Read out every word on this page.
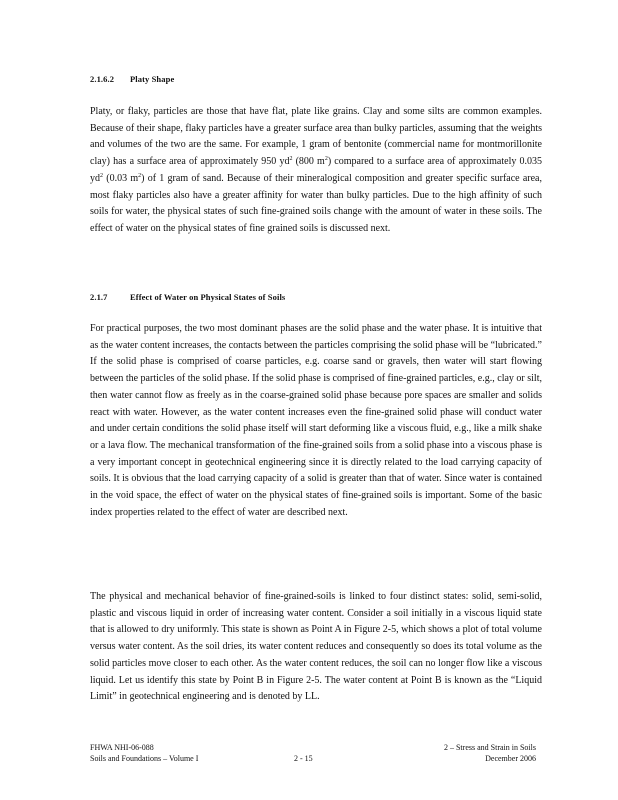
2.1.6.2 Platy Shape

Platy, or flaky, particles are those that have flat, plate like grains. Clay and some silts are common examples. Because of their shape, flaky particles have a greater surface area than bulky particles, assuming that the weights and volumes of the two are the same. For example, 1 gram of bentonite (commercial name for montmorillonite clay) has a surface area of approximately 950 $yd^2$ (800 $m^2$) compared to a surface area of approximately 0.035 $yd^2$ (0.03 $m^2$) of 1 gram of sand. Because of their mineralogical composition and greater specific surface area, most flaky particles also have a greater affinity for water than bulky particles. Due to the high affinity of such soils for water, the physical states of such fine-grained soils change with the amount of water in these soils. The effect of water on the physical states of fine grained soils is discussed next.

2.1.7	Effect of Water on Physical States of Soils

For practical purposes, the two most dominant phases are the solid phase and the water phase. It is intuitive that as the water content increases, the contacts between the particles comprising the solid phase will be “lubricated.” If the solid phase is comprised of coarse particles, e.g. coarse sand or gravels, then water will start flowing between the particles of the solid phase. If the solid phase is comprised of fine-grained particles, e.g., clay or silt, then water cannot flow as freely as in the coarse-grained solid phase because pore spaces are smaller and solids react with water. However, as the water content increases even the fine-grained solid phase will conduct water and under certain conditions the solid phase itself will start deforming like a viscous fluid, e.g., like a milk shake or a lava flow. The mechanical transformation of the fine-grained soils from a solid phase into a viscous phase is a very important concept in geotechnical engineering since it is directly related to the load carrying capacity of soils. It is obvious that the load carrying capacity of a solid is greater than that of water. Since water is contained in the void space, the effect of water on the physical states of fine-grained soils is important. Some of the basic index properties related to the effect of water are described next.

The physical and mechanical behavior of fine-grained-soils is linked to four distinct states: solid, semi-solid, plastic and viscous liquid in order of increasing water content. Consider a soil initially in a viscous liquid state that is allowed to dry uniformly. This state is shown as Point A in Figure 2-5, which shows a plot of total volume versus water content. As the soil dries, its water content reduces and consequently so does its total volume as the solid particles move closer to each other. As the water content reduces, the soil can no longer flow like a viscous liquid. Let us identify this state by Point B in Figure 2-5. The water content at Point B is known as the “Liquid Limit” in geotechnical engineering and is denoted by LL.

FHWA NHI-06-088
Soils and Foundations – Volume I	2 - 15
2 – Stress and Strain in Soils
December 2006
